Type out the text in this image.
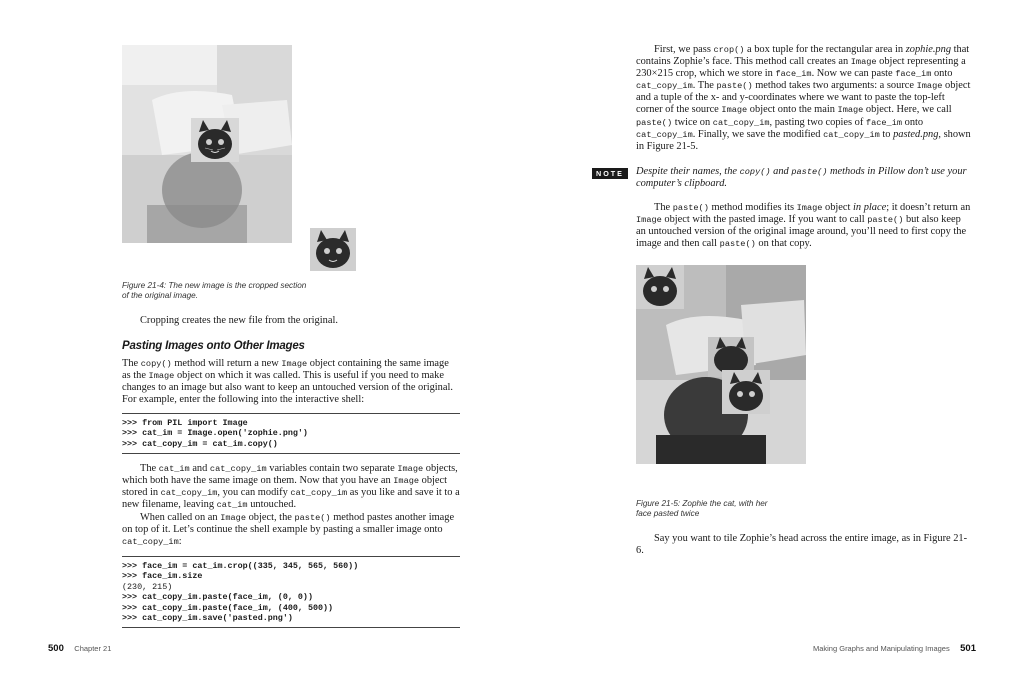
Figure 21-4: The new image is the cropped section

of the original image.

Cropping creates the new file from the original.

Pasting Images onto Other Images

The copy() method will return a new Image object containing the same image as the Image object on which it was called. This is useful if you need to make changes to an image but also want to keep an untouched version of the original. For example, enter the following into the interactive shell:

>>> from PIL import Image
>>> cat_im = Image.open('zophie.png')
>>> cat_copy_im = cat_im.copy()

The cat_im and cat_copy_im variables contain two separate Image objects, which both have the same image on them. Now that you have an Image object stored in cat_copy_im, you can modify cat_copy_im as you like and save it to a new filename, leaving cat_im untouched.

When called on an Image object, the paste() method pastes another image on top of it. Let’s continue the shell example by pasting a smaller image onto cat_copy_im:

>>> face_im = cat_im.crop((335, 345, 565, 560))
>>> face_im.size
(230, 215)
>>> cat_copy_im.paste(face_im, (0, 0))
>>> cat_copy_im.paste(face_im, (400, 500))
>>> cat_copy_im.save('pasted.png')
500 Chapter 21

First, we pass crop() a box tuple for the rectangular area in zophie.png that contains Zophie’s face. This method call creates an Image object representing a 230×215 crop, which we store in face_im. Now we can paste face_im onto cat_copy_im. The paste() method takes two arguments: a source Image object and a tuple of the x- and y-coordinates where we want to paste the top-left corner of the source Image object onto the main Image object. Here, we call paste() twice on cat_copy_im, pasting two copies of face_im onto cat_copy_im. Finally, we save the modified cat_copy_im to pasted.png, shown in Figure 21-5.

NOTE	Despite their names, the copy() and paste() methods in Pillow don’t use your computer’s clipboard.

The paste() method modifies its Image object in place; it doesn’t return an Image object with the pasted image. If you want to call paste() but also keep an untouched version of the original image around, you’ll need to first copy the image and then call paste() on that copy.

Figure 21-5: Zophie the cat, with her

face pasted twice

Say you want to tile Zophie’s head across the entire image, as in Figure 21-6.

Making Graphs and Manipulating Images 501
